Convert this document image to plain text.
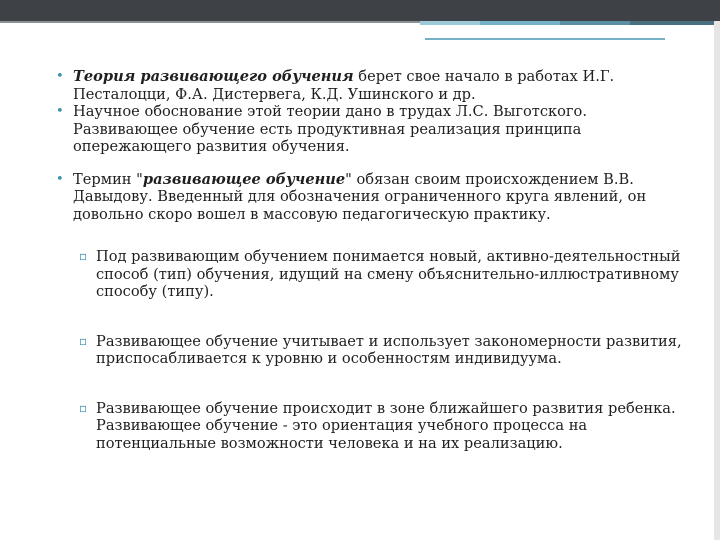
• Теория развивающего обучения берет свое начало в работах И.Г. Песталоцци, Ф.А. Дистервега, К.Д. Ушинского и др.
• Научное обоснование этой теории дано в трудах Л.С. Выготского. Развивающее обучение есть продуктивная реализация принципа опережающего развития обучения.
• Термин "развивающее обучение" обязан своим происхождением В.В. Давыдову. Введенный для обозначения ограниченного круга явлений, он довольно скоро вошел в массовую педагогическую практику.
▫ Под развивающим обучением понимается новый, активно-деятельностный способ (тип) обучения, идущий на смену объяснительно-иллюстративному способу (типу).
▫ Развивающее обучение учитывает и использует закономерности развития, приспосабливается к уровню и особенностям индивидуума.
▫ Развивающее обучение происходит в зоне ближайшего развития ребенка. Развивающее обучение - это ориентация учебного процесса на потенциальные возможности человека и на их реализацию.
